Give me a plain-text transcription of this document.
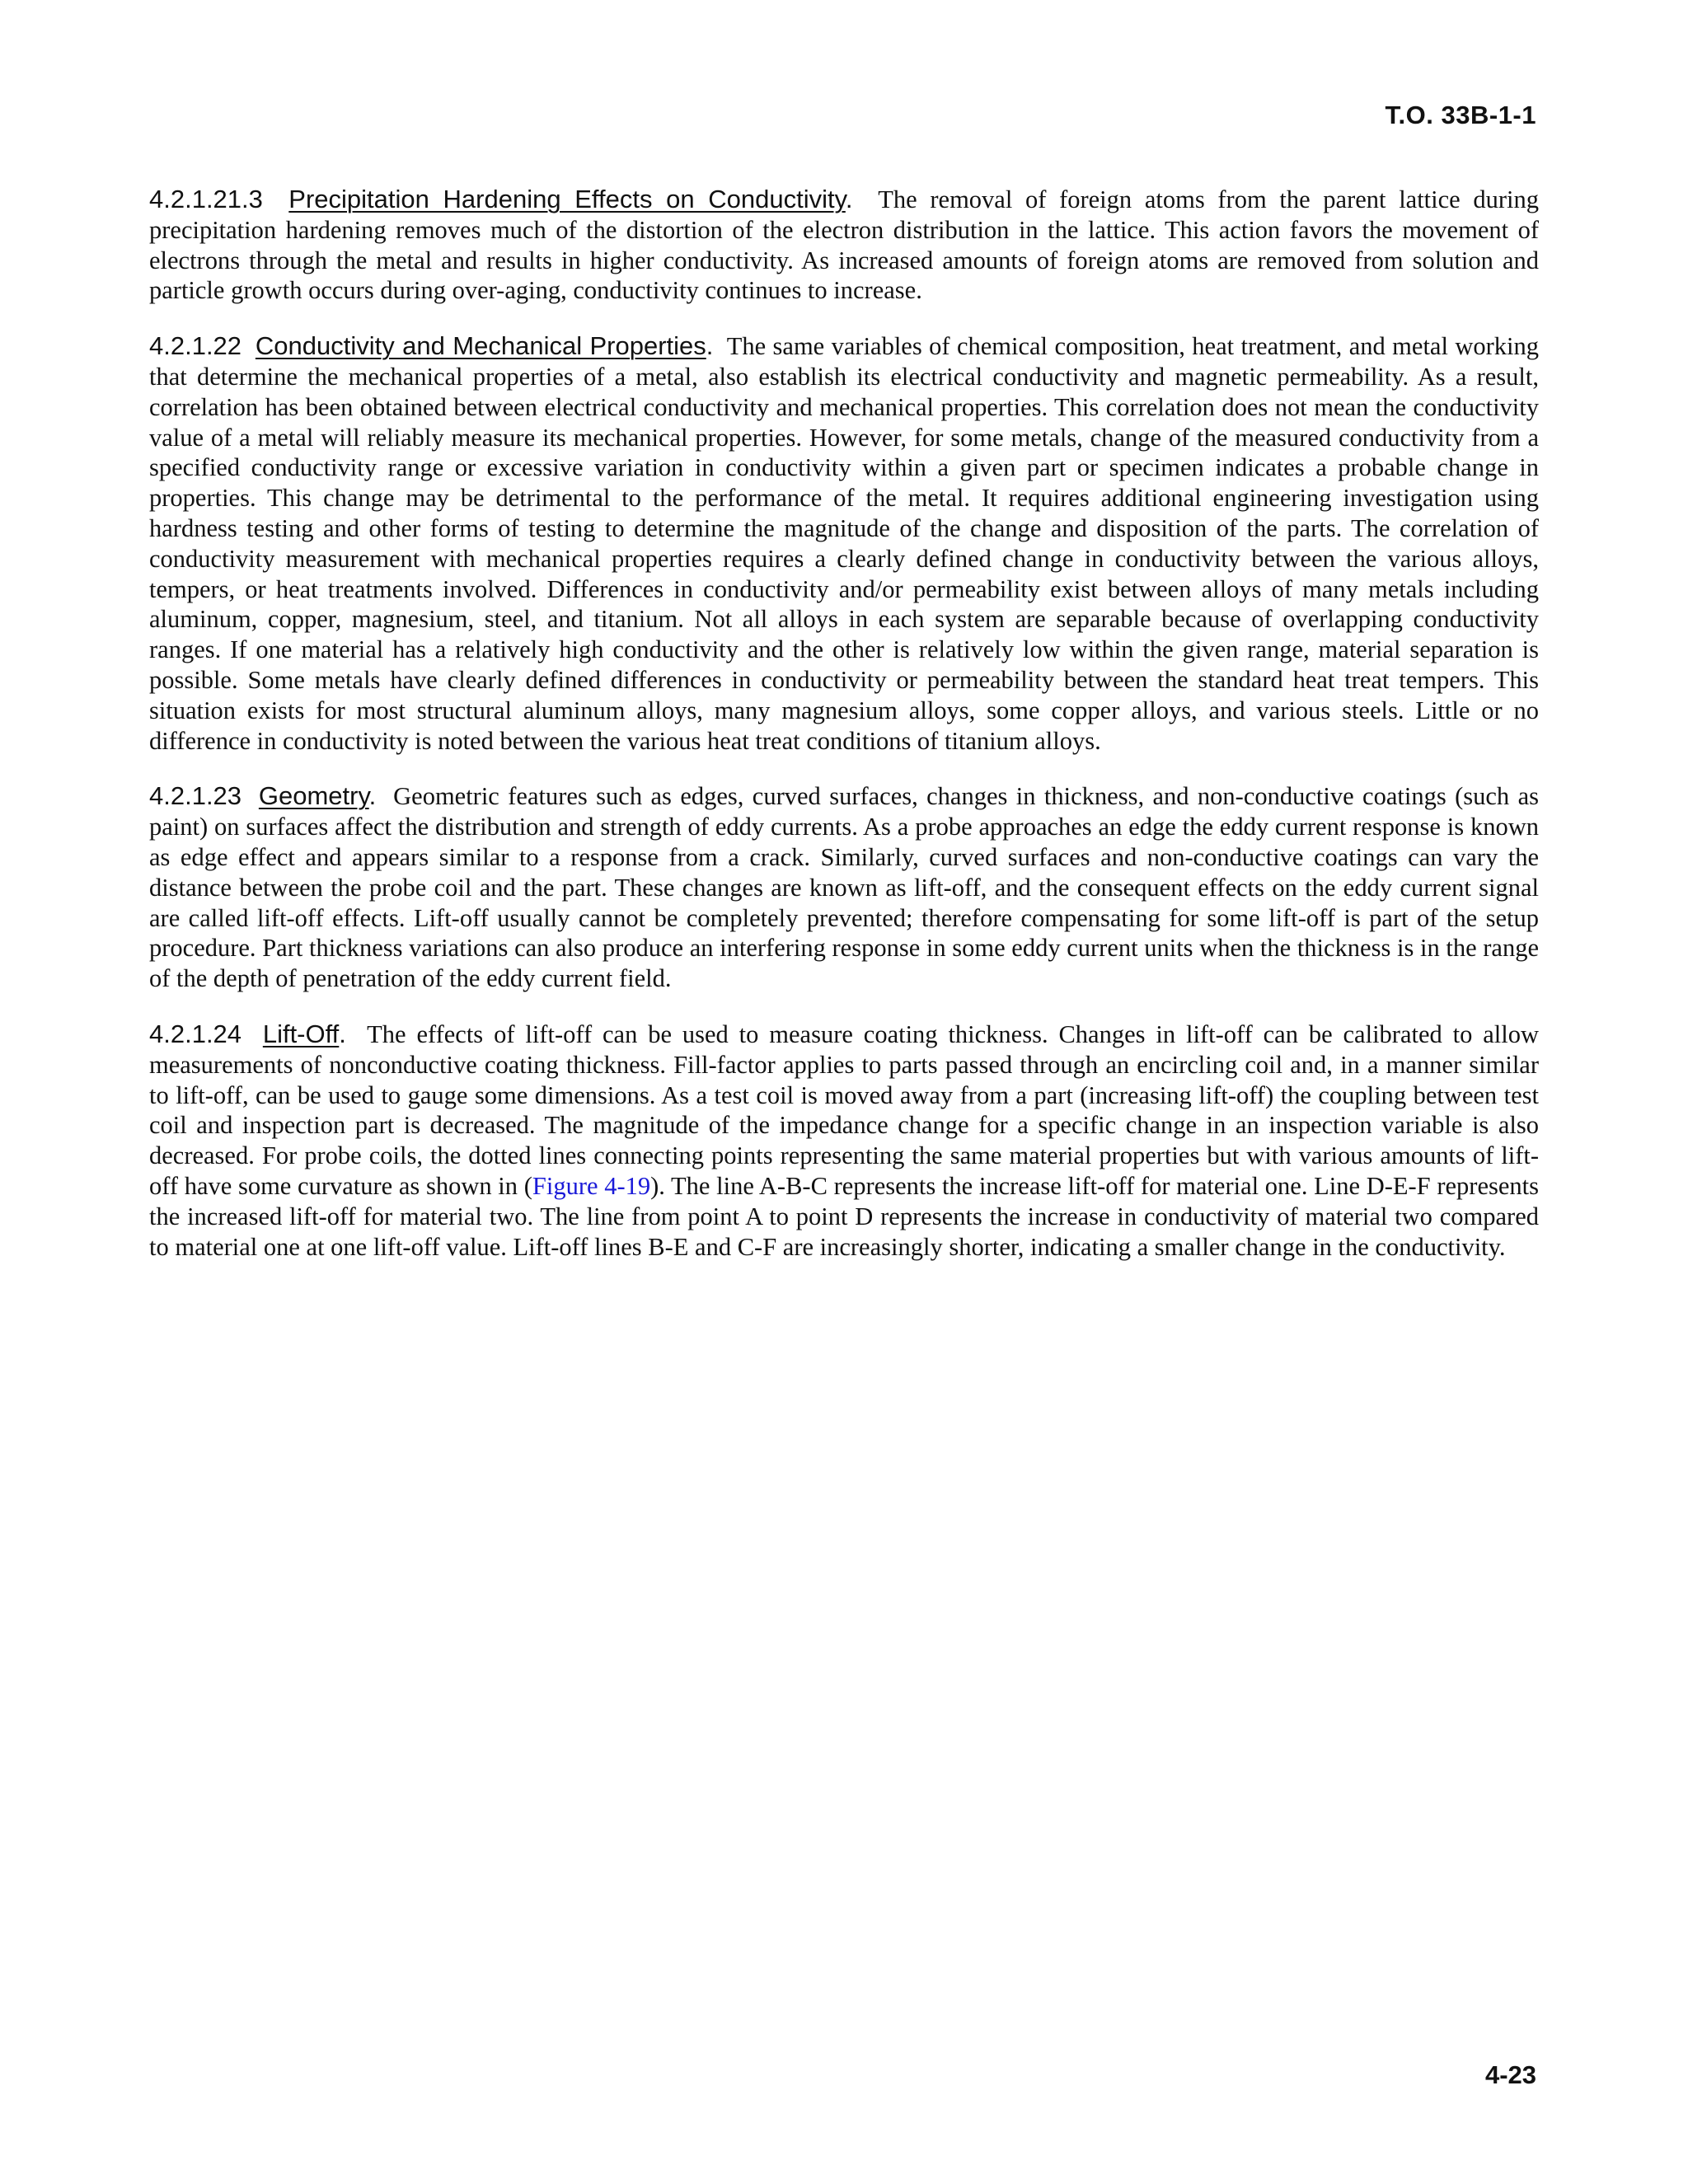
T.O. 33B-1-1

4.2.1.21.3 Precipitation Hardening Effects on Conductivity. The removal of foreign atoms from the parent lattice during precipitation hardening removes much of the distortion of the electron distribution in the lattice. This action favors the movement of electrons through the metal and results in higher conductivity. As increased amounts of foreign atoms are removed from solution and particle growth occurs during over-aging, conductivity continues to increase.

4.2.1.22 Conductivity and Mechanical Properties. The same variables of chemical composition, heat treatment, and metal working that determine the mechanical properties of a metal, also establish its electrical conductivity and magnetic permeability. As a result, correlation has been obtained between electrical conductivity and mechanical properties. This correlation does not mean the conductivity value of a metal will reliably measure its mechanical properties. However, for some metals, change of the measured conductivity from a specified conductivity range or excessive variation in conductivity within a given part or specimen indicates a probable change in properties. This change may be detrimental to the performance of the metal. It requires additional engineering investigation using hardness testing and other forms of testing to determine the magnitude of the change and disposition of the parts. The correlation of conductivity measurement with mechanical properties requires a clearly defined change in conductivity between the various alloys, tempers, or heat treatments involved. Differences in conductivity and/or permeability exist between alloys of many metals including aluminum, copper, magnesium, steel, and titanium. Not all alloys in each system are separable because of overlapping conductivity ranges. If one material has a relatively high conductivity and the other is relatively low within the given range, material separation is possible. Some metals have clearly defined differences in conductivity or permeability between the standard heat treat tempers. This situation exists for most structural aluminum alloys, many magnesium alloys, some copper alloys, and various steels. Little or no difference in conductivity is noted between the various heat treat conditions of titanium alloys.

4.2.1.23 Geometry. Geometric features such as edges, curved surfaces, changes in thickness, and non-conductive coatings (such as paint) on surfaces affect the distribution and strength of eddy currents. As a probe approaches an edge the eddy current response is known as edge effect and appears similar to a response from a crack. Similarly, curved surfaces and non-conductive coatings can vary the distance between the probe coil and the part. These changes are known as lift-off, and the consequent effects on the eddy current signal are called lift-off effects. Lift-off usually cannot be completely prevented; therefore compensating for some lift-off is part of the setup procedure. Part thickness variations can also produce an interfering response in some eddy current units when the thickness is in the range of the depth of penetration of the eddy current field.

4.2.1.24 Lift-Off. The effects of lift-off can be used to measure coating thickness. Changes in lift-off can be calibrated to allow measurements of nonconductive coating thickness. Fill-factor applies to parts passed through an encircling coil and, in a manner similar to lift-off, can be used to gauge some dimensions. As a test coil is moved away from a part (increasing lift-off) the coupling between test coil and inspection part is decreased. The magnitude of the impedance change for a specific change in an inspection variable is also decreased. For probe coils, the dotted lines connecting points representing the same material properties but with various amounts of lift-off have some curvature as shown in (Figure 4-19). The line A-B-C represents the increase lift-off for material one. Line D-E-F represents the increased lift-off for material two. The line from point A to point D represents the increase in conductivity of material two compared to material one at one lift-off value. Lift-off lines B-E and C-F are increasingly shorter, indicating a smaller change in the conductivity.

4-23
